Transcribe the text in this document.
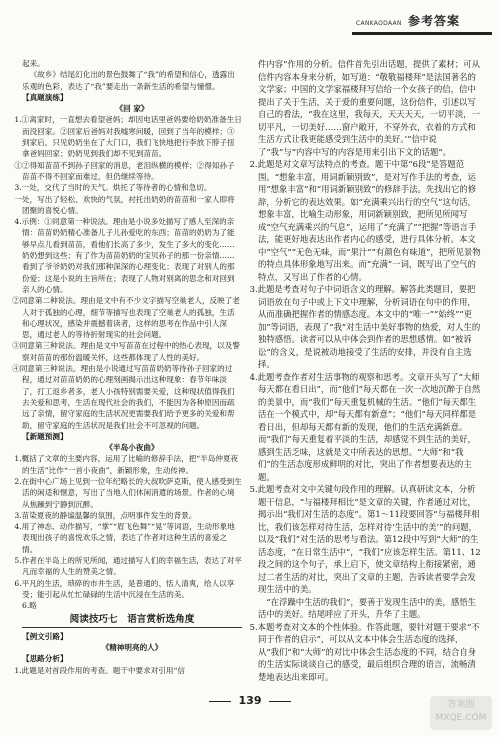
CANKAODAAN 参考答案

起来。

《故乡》结尾幻化出的景色鼓舞了“我”的希望和信心，透露出乐观的色彩，表达了“我”要走出一条新生活的希望与憧憬。

【真题演练】

《回 家》

1.①离家时，一直想去看望爸妈；却因电话里爸妈要给奶奶准备生日而没回家。②回家后爸妈对我嘘寒问暖，回到了当年的模样；③到家后，只见奶奶坐在了大门口，我们飞快地把行李放下脖子扭拿爸妈回家；奶奶见到我们却不见到苗苗。

①②得知苗苗不到孙子回家的消息，老泪纵横的模样；②得知孙子苗苗不得不回家而难过，但仍继续等待。

3.一处，交代了当时的天气。烘托了等待者的心情和急切。

一处，写出了轻松、欢快的气氛，衬托出奶奶的苗苗和一家人即将团聚的喜悦心情。

4.示例：①同意第一种说法。理由是小说多处描写了感人至深的亲情：苗苗奶奶精心准备儿子儿孙爱吃的东西；苗苗的奶奶为了能够早点儿看到苗苗，看他们长高了多少，发生了多大的变化……奶奶想到这些；有了作为苗苗奶奶的宝贝孙子的那一份亲情……看到了爷爷奶奶对我们那种深深的心理变化；表现了对别人的那份爱；这是小说的主旨所在；表现了人物对别离的思念和对回到亲人的心情。

②同意第二种说法。理由是文中有不少文字描写空巢老人，反映了老人对于孤独的心理，细节等描写也表现了空巢老人的孤独，生活和心理状况，感染并震撼着读者，这样的思考在作品中引人深思，通过老人的等待折射现实的社会问题。

③同意第三种说法。理由是文中写苗苗在过程中的热心表现，以及警察对苗苗的那份温暖关怀，这些都体现了人性的美好。

④同意第三种说法。理由是小说通过写苗苗奶奶等待孙子回家的过程，通过对苗苗奶奶的心理刻画揭示出这种现象：春节年味淡了，打工返乡者多，老人小孩特别需要关爱，这种现状值得我们去关爱和思考，生活在现代社会的我们，不能因为各种原因而疏远了亲情，留守家庭的生活状况更需要我们给予更多的关爱和帮助，留守家庭的生活状况是我们社会不可忽视的问题。

【新题预测】

《半岛小夜曲》

1.概括了文章的主要内容，运用了比喻的修辞手法，把“半岛仲夏夜的生活”比作“一首小夜曲”，新颖形象，生动传神。

2.在街中心广场上见到一位年纪略长的大叔吹萨克斯，使人感受到生活的闲适和惬意，写出了当地人们休闲消遣的场景。作者的心境从焦躁到宁静到沉醉。

3.苗染夏夜的静谧温馨的氛围，点明事件发生的背景。

4.用了神态、动作描写，“掌”“眉飞色舞”“晃”等词语，生动形象地表现出孩子的喜悦欢乐之情，表达了作者对这种生活的喜爱之情。

5.作者在半岛上的所见所闻，通过描写人们的幸福生活，表达了对平凡而幸福的人生的赞美之情。

6.平凡的生活，琐碎的市井生活，是普通的、恬人清爽，给人以享受；能引起从忙忙碌碌的生活中沉浸在生活的美。

6.略

阅读技巧七　语言赏析选角度

【例文引路】

《精神明亮的人》

【思路分析】

1.此题是对首段作用的考查。题干中要求对引用“信

件内容”作用的分析。信件首先引出话题，提供了素材；可从信件内容本身来分析，如写道：“敬敬福楼拜”是法国著名的文学家；中国的文学家福楼拜写信给一个女孩子的信，信中提出了关于生活，关于爱的重要问题，这份信件，引述以写自己的看法，“我在这里，我每天，天天天天，一切平淡，一切平凡，一切美好……窗户敞开，不穿外衣，衣着的方式和生活方式让我更能感受到生活中的美好。’”信中说了“我”与“内容中写的内容是用来引出下文的话题”。

2.此题是对文章写法特点的考查。题干中第“6段”是答题范围。“想象丰富，用词新颖别致”，是对写作手法的考查，运用“想象丰富”和“用词新颖别致”的修辞手法。先找出它的修辞，分析它的表达效果。如“充满乘兴出行的空气”这句话，想象丰富，比喻生动形象，用词新颖别致，把所见所闻写成“空气充满乘兴的气息”，运用了“充满了”“把握”等语言手法，能更好地表达出作者内心的感受，进行具体分析。本文中“空气”“无色无味，而“果汁”“有颜色有味道”，把所见景物的特点具体形象地写出来。而“充满”一词，既写出了空气的特点，又写出了作者的心情。

3.此题是考查对句子中词语含义的理解。解答此类题目，要把词语放在句子中或上下文中理解，分析词语在句中的作用，从而准确把握作者的情感态度。本文中的“唯一”“始终”“更加”等词语，表现了“我”对生活中美好事物的热爱，对人生的独特感悟。读者可以从中体会到作者的思想感情。如“被诉讼”的含义，是说被动地接受了生活的安排，并没有自主选择。

4.此题考查作者对生活事物的观察和思考。文章开头写了“大师每天都在看日出”，而“他们”每天都在一次一次地沉醉于自然的美景中，而“我们”每天重复机械的生活。“他们”每天都生活在一个模式中，却“每天都有新意”；“他们”每天同样都是看日出，但却每天都有新的发现，他们的生活充满新意。而“我们”每天重复着平淡的生活，却感觉不到生活的美好，感到生活乏味，这就是文中所表达的思想。“大师”和“我们”的生活态度形成鲜明的对比，突出了作者想要表达的主题。

5.此题考查对文中关键句段作用的理解。认真研读文本，分析题干信息，“与福楼拜相比”是文章的关键，作者通过对比，揭示出“我们对生活的态度”。第1～11段要回答“与福楼拜相比，我们该怎样对待生活，怎样对待‘生活中的美’”的问题，以及“我们”对生活的思考与看法。第12段中写到“大师”的生活态度，“在日常生活中”，“我们”应该怎样生活。第11、12段之间的这个句子，承上启下，使文章结构上衔接紧密，通过二者生活的对比，突出了文章的主题，告诉读者要学会发现生活中的美。

“在浮躁中生活的我们”，要善于发现生活中的美，感悟生活中的美好。结尾呼应了开头，升华了主题。

5.本题考查对文本的个性体验。作答此题，要针对题干要求“不同于作者的启示”，可以从文本中体会生活态度的选择，从“我们”和“大师”的对比中体会生活态度的不同，结合自身的生活实际谈谈自己的感受，最后组织合理的语言，流畅清楚地表达出来即可。

139	答案圈
MXQE.COM
